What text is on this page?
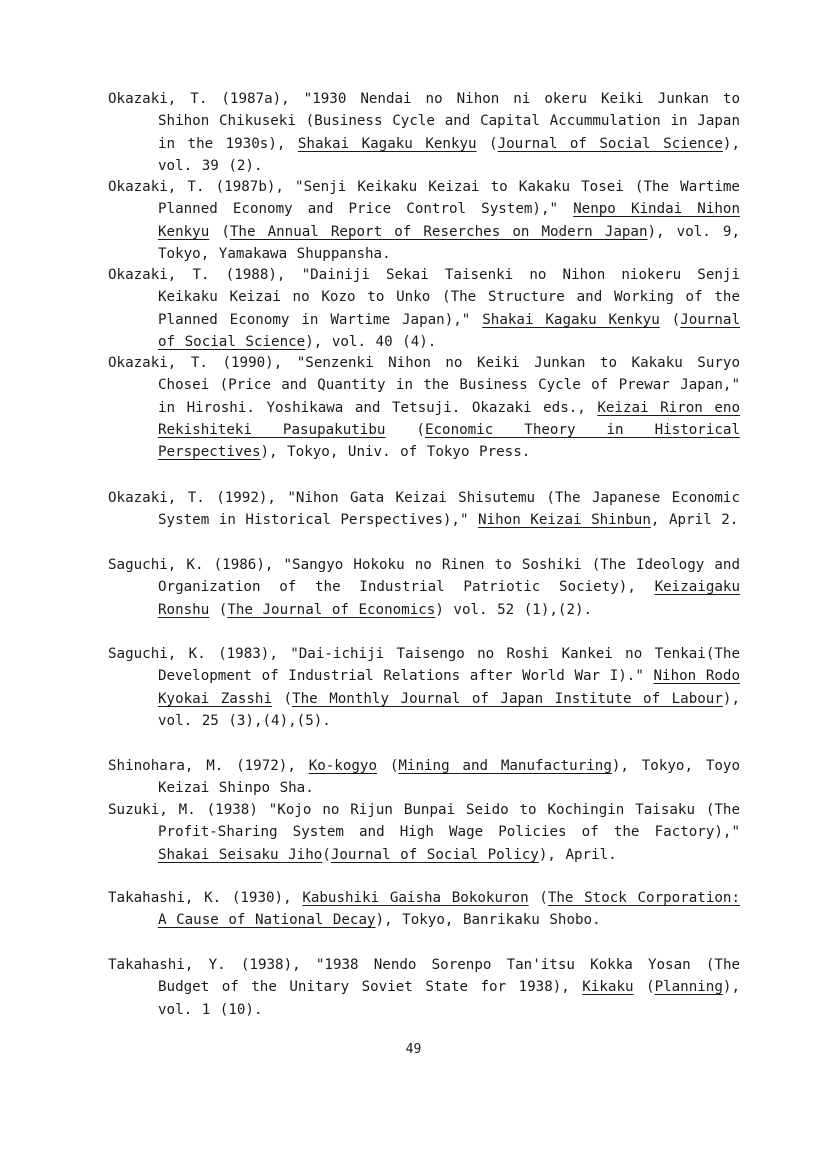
Okazaki, T. (1987a), "1930 Nendai no Nihon ni okeru Keiki Junkan to Shihon Chikuseki (Business Cycle and Capital Accummulation in Japan in the 1930s), Shakai Kagaku Kenkyu (Journal of Social Science), vol. 39 (2).
Okazaki, T. (1987b), "Senji Keikaku Keizai to Kakaku Tosei (The Wartime Planned Economy and Price Control System)," Nenpo Kindai Nihon Kenkyu (The Annual Report of Reserches on Modern Japan), vol. 9, Tokyo, Yamakawa Shuppansha.
Okazaki, T. (1988), "Dainiji Sekai Taisenki no Nihon niokeru Senji Keikaku Keizai no Kozo to Unko (The Structure and Working of the Planned Economy in Wartime Japan)," Shakai Kagaku Kenkyu (Journal of Social Science), vol. 40 (4).
Okazaki, T. (1990), "Senzenki Nihon no Keiki Junkan to Kakaku Suryo Chosei (Price and Quantity in the Business Cycle of Prewar Japan," in Hiroshi. Yoshikawa and Tetsuji. Okazaki eds., Keizai Riron eno Rekishiteki Pasupakutibu (Economic Theory in Historical Perspectives), Tokyo, Univ. of Tokyo Press.
Okazaki, T. (1992), "Nihon Gata Keizai Shisutemu (The Japanese Economic System in Historical Perspectives)," Nihon Keizai Shinbun, April 2.
Saguchi, K. (1986), "Sangyo Hokoku no Rinen to Soshiki (The Ideology and Organization of the Industrial Patriotic Society), Keizaigaku Ronshu (The Journal of Economics) vol. 52 (1),(2).
Saguchi, K. (1983), "Dai-ichiji Taisengo no Roshi Kankei no Tenkai(The Development of Industrial Relations after World War I)." Nihon Rodo Kyokai Zasshi (The Monthly Journal of Japan Institute of Labour), vol. 25 (3),(4),(5).
Shinohara, M. (1972), Ko-kogyo (Mining and Manufacturing), Tokyo, Toyo Keizai Shinpo Sha.
Suzuki, M. (1938) "Kojo no Rijun Bunpai Seido to Kochingin Taisaku (The Profit-Sharing System and High Wage Policies of the Factory)," Shakai Seisaku Jiho(Journal of Social Policy), April.
Takahashi, K. (1930), Kabushiki Gaisha Bokokuron (The Stock Corporation: A Cause of National Decay), Tokyo, Banrikaku Shobo.
Takahashi, Y. (1938), "1938 Nendo Sorenpo Tan'itsu Kokka Yosan (The Budget of the Unitary Soviet State for 1938), Kikaku (Planning), vol. 1 (10).
49
